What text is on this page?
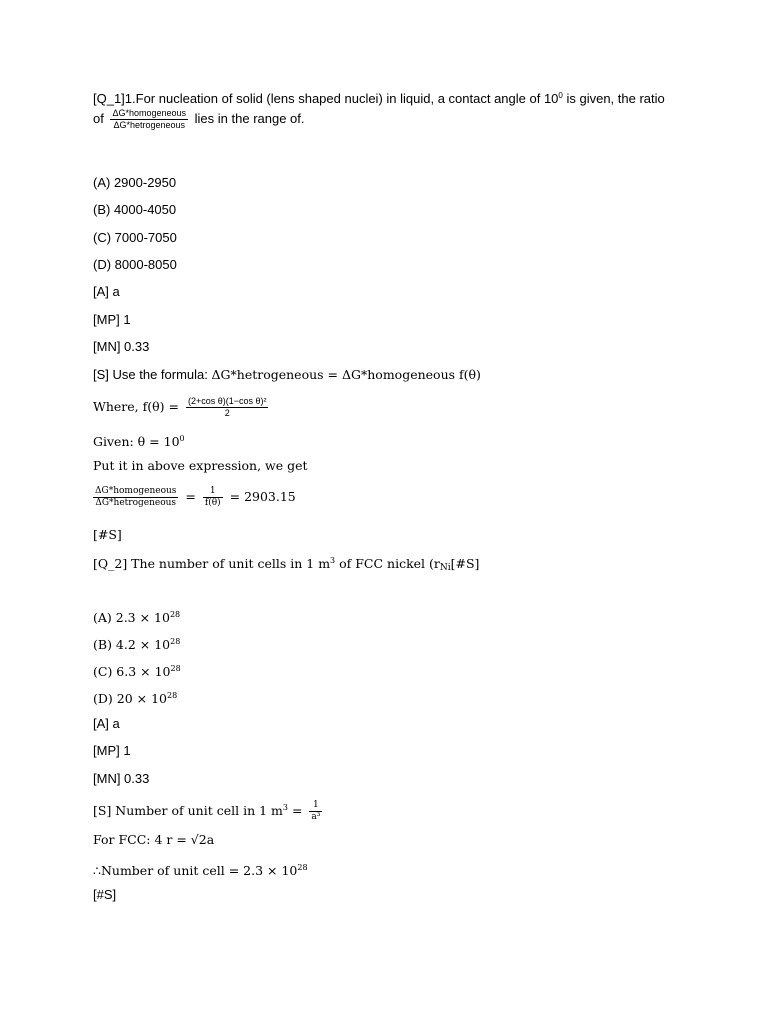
[Q_1]1.For nucleation of solid (lens shaped nuclei) in liquid, a contact angle of $10^0$ is given, the ratio
of $\frac{\text{ΔG*homogeneous}}{\text{ΔG*hetrogeneous}}$ lies in the range of.
(A) 2900-2950
(B) 4000-4050
(C) 7000-7050
(D) 8000-8050
[A] a
[MP] 1
[MN] 0.33
[S] Use the formula: ΔG*hetrogeneous = ΔG*homogeneous f(θ)
Where, $f(\theta) = \frac{\text{(2+cos θ)(1−cos θ)²}}{2}$
Given: $\theta = 10^0$
Put it in above expression, we get
$\frac{\text{ΔG*homogeneous}}{\text{ΔG*hetrogeneous}} = \frac{1}{f(\theta)} = 2903.15$
[#S]
[Q_2] The number of unit cells in 1 $m^3$ of FCC nickel ($r_{Ni}[\#S]$
(A) $2.3 \times 10^{28}$
(B) $4.2 \times 10^{28}$
(C) $6.3 \times 10^{28}$
(D) $20 \times 10^{28}$
[A] a
[MP] 1
[MN] 0.33
[S] Number of unit cell in 1 $m^3 = \frac{1}{\text{a³}}$
For FCC: 4 r = √2a
∴Number of unit cell = $2.3 \times 10^{28}$
[#S]
